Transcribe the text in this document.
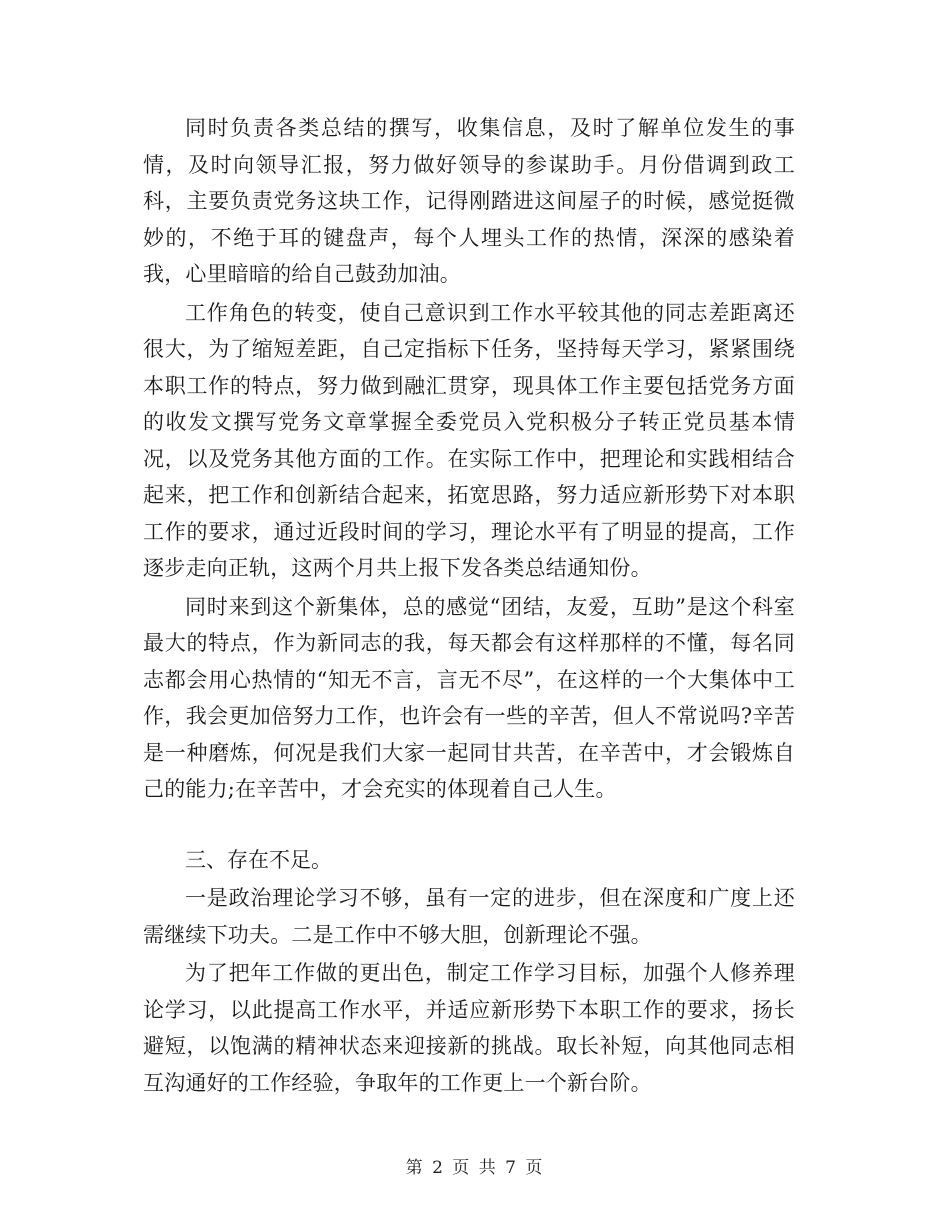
同时负责各类总结的撰写，收集信息，及时了解单位发生的事情，及时向领导汇报，努力做好领导的参谋助手。月份借调到政工科，主要负责党务这块工作，记得刚踏进这间屋子的时候，感觉挺微妙的，不绝于耳的键盘声，每个人埋头工作的热情，深深的感染着我，心里暗暗的给自己鼓劲加油。

工作角色的转变，使自己意识到工作水平较其他的同志差距离还很大，为了缩短差距，自己定指标下任务，坚持每天学习，紧紧围绕本职工作的特点，努力做到融汇贯穿，现具体工作主要包括党务方面的收发文撰写党务文章掌握全委党员入党积极分子转正党员基本情况，以及党务其他方面的工作。在实际工作中，把理论和实践相结合起来，把工作和创新结合起来，拓宽思路，努力适应新形势下对本职工作的要求，通过近段时间的学习，理论水平有了明显的提高，工作逐步走向正轨，这两个月共上报下发各类总结通知份。

同时来到这个新集体，总的感觉“团结，友爱，互助”是这个科室最大的特点，作为新同志的我，每天都会有这样那样的不懂，每名同志都会用心热情的“知无不言，言无不尽”，在这样的一个大集体中工作，我会更加倍努力工作，也许会有一些的辛苦，但人不常说吗?辛苦是一种磨炼，何况是我们大家一起同甘共苦，在辛苦中，才会锻炼自己的能力;在辛苦中，才会充实的体现着自己人生。

三、存在不足。

一是政治理论学习不够，虽有一定的进步，但在深度和广度上还需继续下功夫。二是工作中不够大胆，创新理论不强。

为了把年工作做的更出色，制定工作学习目标，加强个人修养理论学习，以此提高工作水平，并适应新形势下本职工作的要求，扬长避短，以饱满的精神状态来迎接新的挑战。取长补短，向其他同志相互沟通好的工作经验，争取年的工作更上一个新台阶。

第 2 页 共 7 页
